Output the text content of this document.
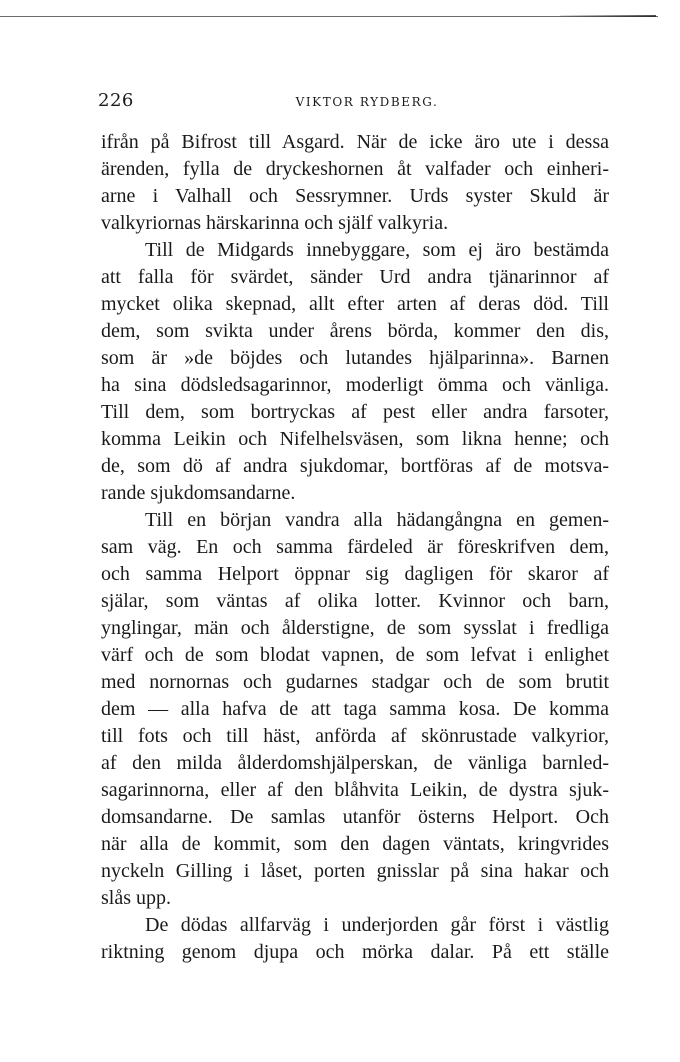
226	VIKTOR RYDBERG.
ifrån på Bifrost till Asgard. När de icke äro ute i dessa
ärenden, fylla de dryckeshornen åt valfader och einheri-
arne i Valhall och Sessrymner. Urds syster Skuld är
valkyriornas härskarinna och själf valkyria.
Till de Midgards innebyggare, som ej äro bestämda
att falla för svärdet, sänder Urd andra tjänarinnor af
mycket olika skepnad, allt efter arten af deras död. Till
dem, som svikta under årens börda, kommer den dis,
som är »de böjdes och lutandes hjälparinna». Barnen
ha sina dödsledsagarinnor, moderligt ömma och vänliga.
Till dem, som bortryckas af pest eller andra farsoter,
komma Leikin och Nifelhelsväsen, som likna henne; och
de, som dö af andra sjukdomar, bortföras af de motsva-
rande sjukdomsandarne.
Till en början vandra alla hädangångna en gemen-
sam väg. En och samma färdeled är föreskrifven dem,
och samma Helport öppnar sig dagligen för skaror af
själar, som väntas af olika lotter. Kvinnor och barn,
ynglingar, män och ålderstigne, de som sysslat i fredliga
värf och de som blodat vapnen, de som lefvat i enlighet
med nornornas och gudarnes stadgar och de som brutit
dem — alla hafva de att taga samma kosa. De komma
till fots och till häst, anförda af skönrustade valkyrior,
af den milda ålderdomshjälperskan, de vänliga barnled-
sagarinnorna, eller af den blåhvita Leikin, de dystra sjuk-
domsandarne. De samlas utanför österns Helport. Och
när alla de kommit, som den dagen väntats, kringvrides
nyckeln Gilling i låset, porten gnisslar på sina hakar och
slås upp.
De dödas allfarväg i underjorden går först i västlig
riktning genom djupa och mörka dalar. På ett ställe
